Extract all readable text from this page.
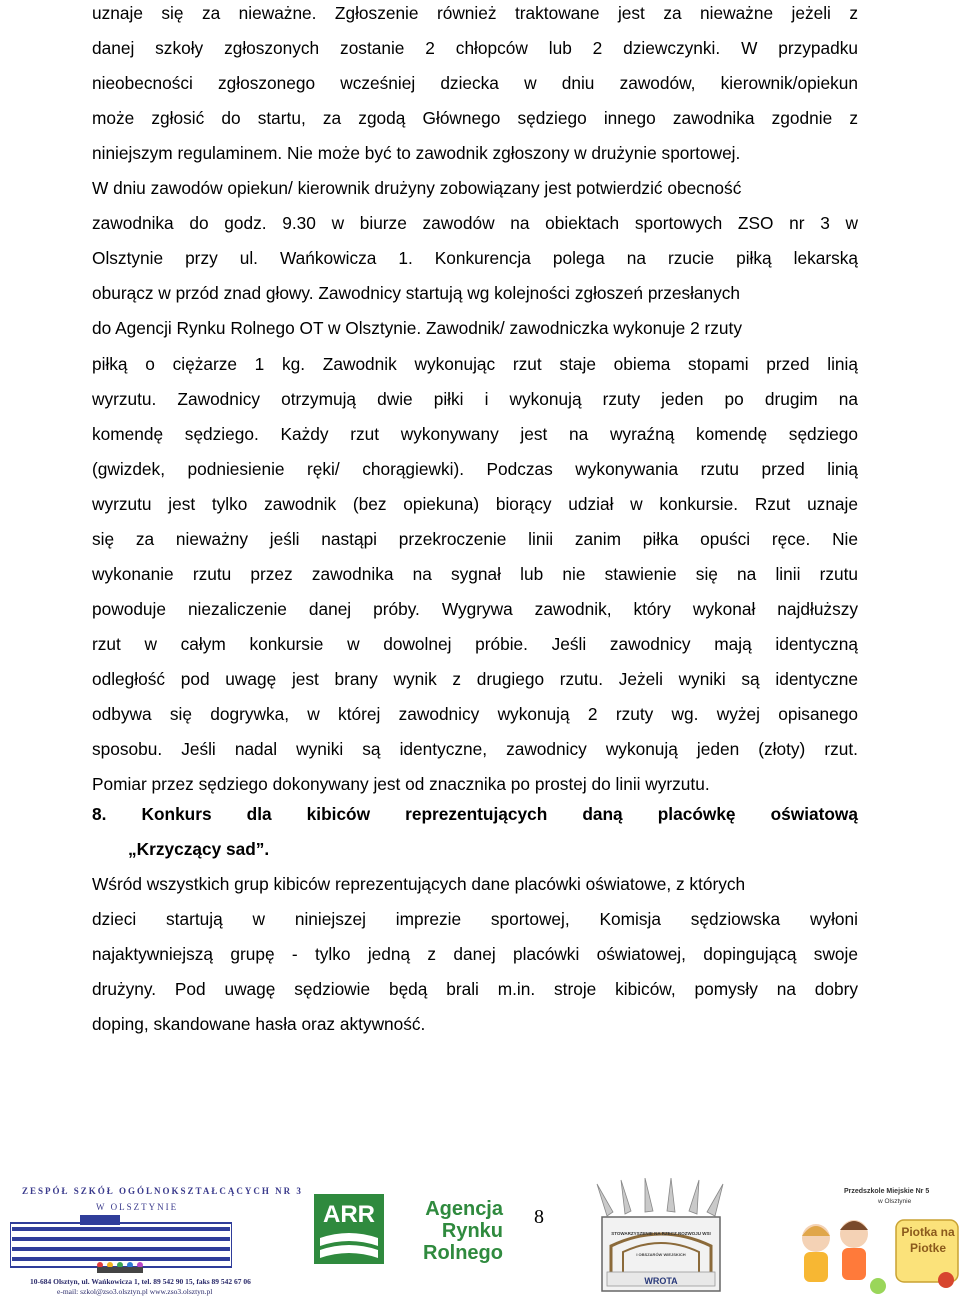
uznaje się za nieważne. Zgłoszenie również traktowane jest za nieważne jeżeli z
danej szkoły zgłoszonych zostanie 2 chłopców lub 2 dziewczynki. W przypadku
nieobecności zgłoszonego wcześniej dziecka w dniu zawodów, kierownik/opiekun
może zgłosić do startu, za zgodą Głównego sędziego innego zawodnika zgodnie z
niniejszym regulaminem. Nie może być to zawodnik zgłoszony w drużynie sportowej.
W dniu zawodów opiekun/ kierownik drużyny zobowiązany jest potwierdzić obecność
zawodnika do godz. 9.30 w biurze zawodów na obiektach sportowych ZSO nr 3 w
Olsztynie przy ul. Wańkowicza 1. Konkurencja polega na rzucie piłką lekarską
oburącz w przód znad głowy. Zawodnicy startują wg kolejności zgłoszeń przesłanych
do Agencji Rynku Rolnego OT w Olsztynie. Zawodnik/ zawodniczka wykonuje 2 rzuty
piłką o ciężarze 1 kg. Zawodnik wykonując rzut staje obiema stopami przed linią
wyrzutu. Zawodnicy otrzymują dwie piłki i wykonują rzuty jeden po drugim na
komendę sędziego. Każdy rzut wykonywany jest na wyraźną komendę sędziego
(gwizdek, podniesienie ręki/ chorągiewki). Podczas wykonywania rzutu przed linią
wyrzutu jest tylko zawodnik (bez opiekuna) biorący udział w konkursie. Rzut uznaje
się za nieważny jeśli nastąpi przekroczenie linii zanim piłka opuści ręce. Nie
wykonanie rzutu przez zawodnika na sygnał lub nie stawienie się na linii rzutu
powoduje niezaliczenie danej próby. Wygrywa zawodnik, który wykonał najdłuższy
rzut w całym konkursie w dowolnej próbie. Jeśli zawodnicy mają identyczną
odległość pod uwagę jest brany wynik z drugiego rzutu. Jeżeli wyniki są identyczne
odbywa się dogrywka, w której zawodnicy wykonują 2 rzuty wg. wyżej opisanego
sposobu. Jeśli nadal wyniki są identyczne, zawodnicy wykonują jeden (złoty) rzut.
Pomiar przez sędziego dokonywany jest od znacznika po prostej do linii wyrzutu.
8. Konkurs dla kibiców reprezentujących daną placówkę oświatową
„Krzyczący sad”.
Wśród wszystkich grup kibiców reprezentujących dane placówki oświatowe, z których
dzieci startują w niniejszej imprezie sportowej, Komisja sędziowska wyłoni
najaktywniejszą grupę - tylko jedną z danej placówki oświatowej, dopingującą swoje
drużyny. Pod uwagę sędziowie będą brali m.in. stroje kibiców, pomysły na dobry
doping, skandowane hasła oraz aktywność.
ZESPÓŁ SZKÓŁ OGÓLNOKSZTAŁCĄCYCH NR 3
W OLSZTYNIE
10-684 Olsztyn, ul. Wańkowicza 1, tel. 89 542 90 15, faks 89 542 67 06
e-mail: szkol@zso3.olsztyn.pl www.zso3.olsztyn.pl
ARR	Agencja
Rynku
Rolnego
8
STOWARZYSZENIE NA RZECZ ROZWOJU WSI
I OBSZARÓW WIEJSKICH
WROTA
Przedszkole Miejskie Nr 5
w Olsztynie
Piotka na
Piotke
